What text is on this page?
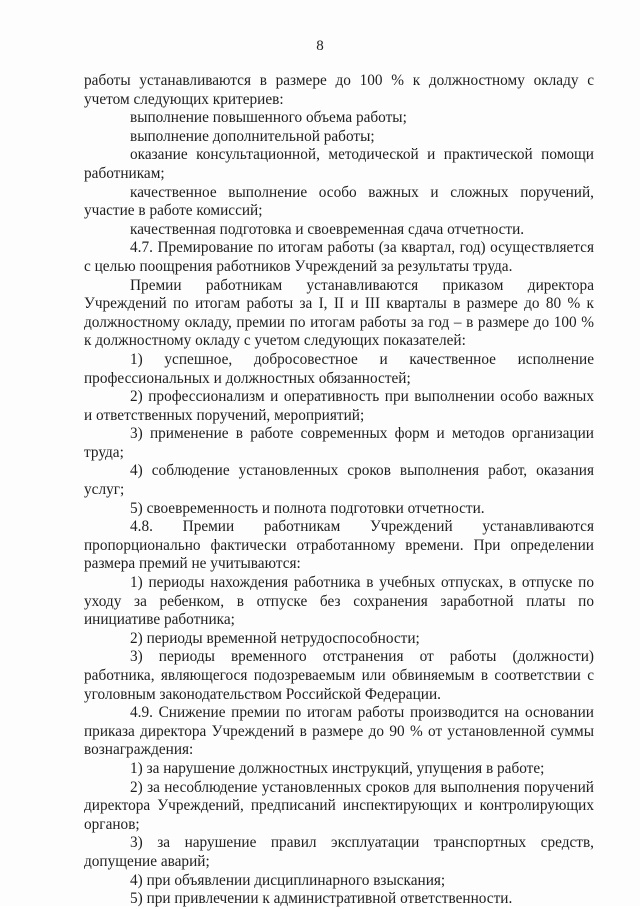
8

работы устанавливаются в размере до 100 % к должностному окладу с учетом следующих критериев:

выполнение повышенного объема работы;

выполнение дополнительной работы;

оказание консультационной, методической и практической помощи работникам;

качественное выполнение особо важных и сложных поручений, участие в работе комиссий;

качественная подготовка и своевременная сдача отчетности.

4.7. Премирование по итогам работы (за квартал, год) осуществляется с целью поощрения работников Учреждений за результаты труда.

Премии работникам устанавливаются приказом директора Учреждений по итогам работы за I, II и III кварталы в размере до 80 % к должностному окладу, премии по итогам работы за год – в размере до 100 % к должностному окладу с учетом следующих показателей:

1) успешное, добросовестное и качественное исполнение профессиональных и должностных обязанностей;

2) профессионализм и оперативность при выполнении особо важных и ответственных поручений, мероприятий;

3) применение в работе современных форм и методов организации труда;

4) соблюдение установленных сроков выполнения работ, оказания услуг;

5) своевременность и полнота подготовки отчетности.

4.8. Премии работникам Учреждений устанавливаются пропорционально фактически отработанному времени. При определении размера премий не учитываются:

1) периоды нахождения работника в учебных отпусках, в отпуске по уходу за ребенком, в отпуске без сохранения заработной платы по инициативе работника;

2) периоды временной нетрудоспособности;

3) периоды временного отстранения от работы (должности) работника, являющегося подозреваемым или обвиняемым в соответствии с уголовным законодательством Российской Федерации.

4.9. Снижение премии по итогам работы производится на основании приказа директора Учреждений в размере до 90 % от установленной суммы вознаграждения:

1) за нарушение должностных инструкций, упущения в работе;

2) за несоблюдение установленных сроков для выполнения поручений директора Учреждений, предписаний инспектирующих и контролирующих органов;

3) за нарушение правил эксплуатации транспортных средств, допущение аварий;

4) при объявлении дисциплинарного взыскания;

5) при привлечении к административной ответственности.
